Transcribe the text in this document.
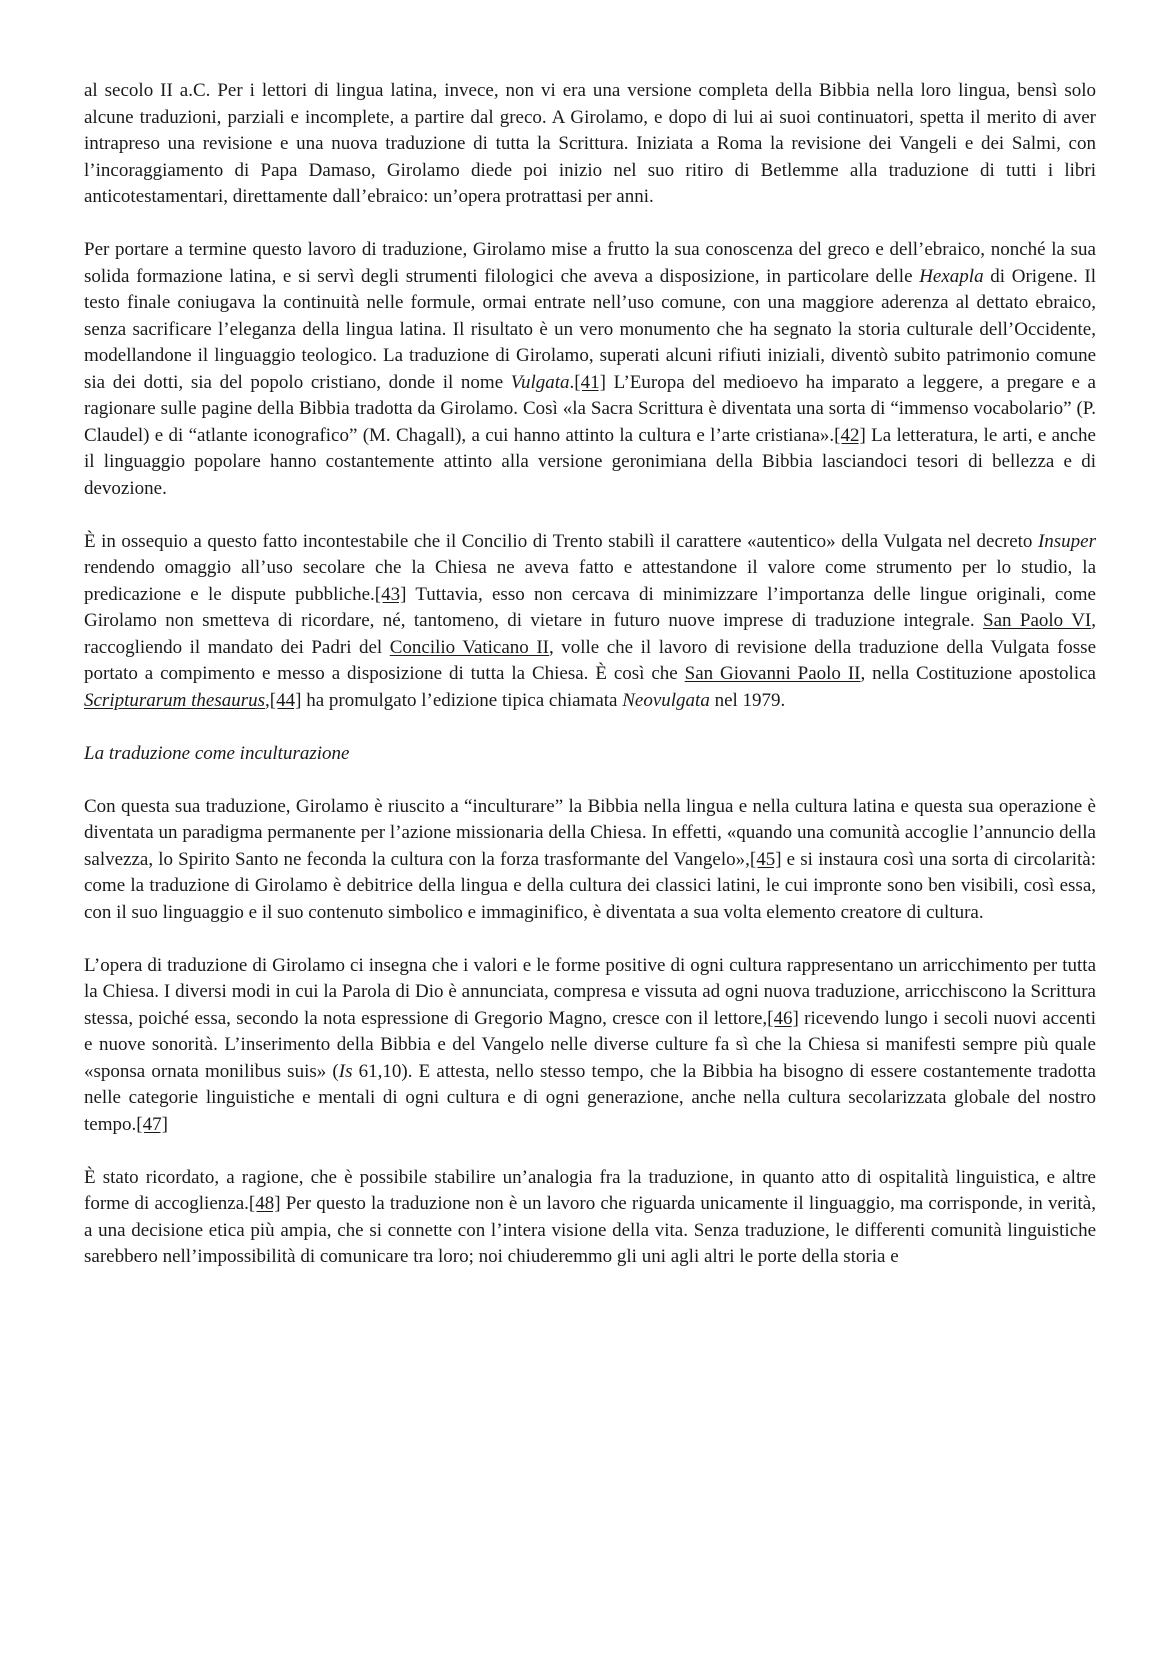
al secolo II a.C. Per i lettori di lingua latina, invece, non vi era una versione completa della Bibbia nella loro lingua, bensì solo alcune traduzioni, parziali e incomplete, a partire dal greco. A Girolamo, e dopo di lui ai suoi continuatori, spetta il merito di aver intrapreso una revisione e una nuova traduzione di tutta la Scrittura. Iniziata a Roma la revisione dei Vangeli e dei Salmi, con l’incoraggiamento di Papa Damaso, Girolamo diede poi inizio nel suo ritiro di Betlemme alla traduzione di tutti i libri anticotestamentari, direttamente dall’ebraico: un’opera protrattasi per anni.

Per portare a termine questo lavoro di traduzione, Girolamo mise a frutto la sua conoscenza del greco e dell’ebraico, nonché la sua solida formazione latina, e si servì degli strumenti filologici che aveva a disposizione, in particolare delle Hexapla di Origene. Il testo finale coniugava la continuità nelle formule, ormai entrate nell’uso comune, con una maggiore aderenza al dettato ebraico, senza sacrificare l’eleganza della lingua latina. Il risultato è un vero monumento che ha segnato la storia culturale dell’Occidente, modellandone il linguaggio teologico. La traduzione di Girolamo, superati alcuni rifiuti iniziali, diventò subito patrimonio comune sia dei dotti, sia del popolo cristiano, donde il nome Vulgata.[41] L’Europa del medioevo ha imparato a leggere, a pregare e a ragionare sulle pagine della Bibbia tradotta da Girolamo. Così «la Sacra Scrittura è diventata una sorta di “immenso vocabolario” (P. Claudel) e di “atlante iconografico” (M. Chagall), a cui hanno attinto la cultura e l’arte cristiana».[42] La letteratura, le arti, e anche il linguaggio popolare hanno costantemente attinto alla versione geronimiana della Bibbia lasciandoci tesori di bellezza e di devozione.

È in ossequio a questo fatto incontestabile che il Concilio di Trento stabilì il carattere «autentico» della Vulgata nel decreto Insuper rendendo omaggio all’uso secolare che la Chiesa ne aveva fatto e attestandone il valore come strumento per lo studio, la predicazione e le dispute pubbliche.[43] Tuttavia, esso non cercava di minimizzare l’importanza delle lingue originali, come Girolamo non smetteva di ricordare, né, tantomeno, di vietare in futuro nuove imprese di traduzione integrale. San Paolo VI, raccogliendo il mandato dei Padri del Concilio Vaticano II, volle che il lavoro di revisione della traduzione della Vulgata fosse portato a compimento e messo a disposizione di tutta la Chiesa. È così che San Giovanni Paolo II, nella Costituzione apostolica Scripturarum thesaurus,[44] ha promulgato l’edizione tipica chiamata Neovulgata nel 1979.

La traduzione come inculturazione

Con questa sua traduzione, Girolamo è riuscito a “inculturare” la Bibbia nella lingua e nella cultura latina e questa sua operazione è diventata un paradigma permanente per l’azione missionaria della Chiesa. In effetti, «quando una comunità accoglie l’annuncio della salvezza, lo Spirito Santo ne feconda la cultura con la forza trasformante del Vangelo»,[45] e si instaura così una sorta di circolarità: come la traduzione di Girolamo è debitrice della lingua e della cultura dei classici latini, le cui impronte sono ben visibili, così essa, con il suo linguaggio e il suo contenuto simbolico e immaginifico, è diventata a sua volta elemento creatore di cultura.

L’opera di traduzione di Girolamo ci insegna che i valori e le forme positive di ogni cultura rappresentano un arricchimento per tutta la Chiesa. I diversi modi in cui la Parola di Dio è annunciata, compresa e vissuta ad ogni nuova traduzione, arricchiscono la Scrittura stessa, poiché essa, secondo la nota espressione di Gregorio Magno, cresce con il lettore,[46] ricevendo lungo i secoli nuovi accenti e nuove sonorità. L’inserimento della Bibbia e del Vangelo nelle diverse culture fa sì che la Chiesa si manifesti sempre più quale «sponsa ornata monilibus suis» (Is 61,10). E attesta, nello stesso tempo, che la Bibbia ha bisogno di essere costantemente tradotta nelle categorie linguistiche e mentali di ogni cultura e di ogni generazione, anche nella cultura secolarizzata globale del nostro tempo.[47]

È stato ricordato, a ragione, che è possibile stabilire un’analogia fra la traduzione, in quanto atto di ospitalità linguistica, e altre forme di accoglienza.[48] Per questo la traduzione non è un lavoro che riguarda unicamente il linguaggio, ma corrisponde, in verità, a una decisione etica più ampia, che si connette con l’intera visione della vita. Senza traduzione, le differenti comunità linguistiche sarebbero nell’impossibilità di comunicare tra loro; noi chiuderemmo gli uni agli altri le porte della storia e
